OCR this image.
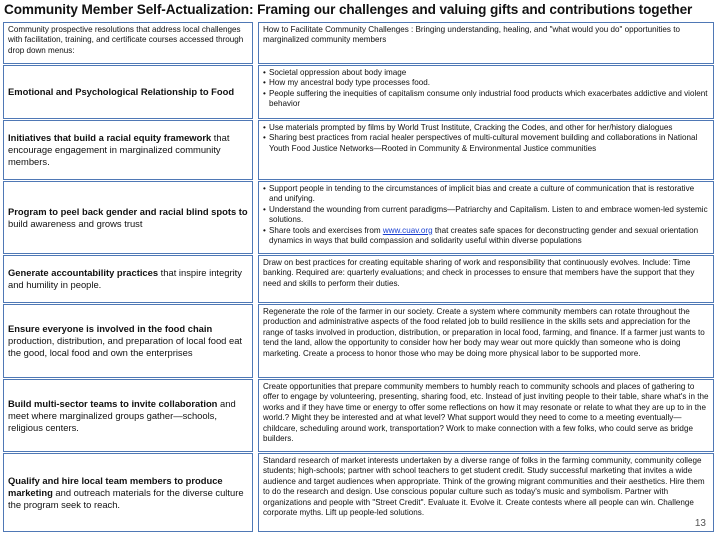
Community Member Self-Actualization: Framing our challenges and valuing gifts and contributions together
Community prospective resolutions that address local challenges with facilitation, training, and certificate courses accessed through drop down menus:
Emotional and Psychological Relationship to Food
Initiatives that build a racial equity framework that encourage engagement in marginalized community members.
Program to peel back gender and racial blind spots to build awareness and grows trust
Generate accountability practices that inspire integrity and humility in people.
Ensure everyone is involved in the food chain production, distribution, and preparation of local food eat the good, local food and own the enterprises
Build multi-sector teams to invite collaboration and meet where marginalized groups gather—schools, religious centers.
Qualify and hire local team members to produce marketing and outreach materials for the diverse culture the program seek to reach.
How to Facilitate Community Challenges : Bringing understanding, healing, and "what would you do" opportunities to marginalized community members
• Societal oppression about body image
• How my ancestral body type processes food.
• People suffering the inequities of capitalism consume only industrial food products which exacerbates addictive and violent behavior
• Use materials prompted by films by World Trust Institute, Cracking the Codes, and other for her/history dialogues
• Sharing best practices from racial healer perspectives of multi-cultural movement building and collaborations in National Youth Food Justice Networks—Rooted in Community & Environmental Justice communities
• Support people in tending to the circumstances of implicit bias and create a culture of communication that is restorative and unifying.
• Understand the wounding from current paradigms—Patriarchy and Capitalism. Listen to and embrace women-led systemic solutions.
• Share tools and exercises from www.cuav.org that creates safe spaces for deconstructing gender and sexual orientation dynamics in ways that build compassion and solidarity useful within diverse populations
Draw on best practices for creating equitable sharing of work and responsibility that continuously evolves. Include: Time banking. Required are: quarterly evaluations; and check in processes to ensure that members have the support that they need and skills to perform their duties.
Regenerate the role of the farmer in our society. Create a system where community members can rotate throughout the production and administrative aspects of the food related job to build resilience in the skills sets and appreciation for the range of tasks involved in production, distribution, or preparation in local food, farming, and finance. If a farmer just wants to tend the land, allow the opportunity to consider how her body may wear out more quickly than someone who is doing marketing. Create a process to honor those who may be doing more physical labor to be supported more.
Create opportunities that prepare community members to humbly reach to community schools and places of gathering to offer to engage by volunteering, presenting, sharing food, etc. Instead of just inviting people to their table, share what's in the works and if they have time or energy to offer some reflections on how it may resonate or relate to what they are up to in the world.? Might they be interested and at what level? What support would they need to come to a meeting eventually—childcare, scheduling around work, transportation? Work to make connection with a few folks, who could serve as bridge builders.
Standard research of market interests undertaken by a diverse range of folks in the farming community, community college students; high-schools; partner with school teachers to get student credit. Study successful marketing that invites a wide audience and target audiences when appropriate. Think of the growing migrant communities and their aesthetics. Hire them to do the research and design. Use conscious popular culture such as today's music and symbolism. Partner with organizations and people with "Street Credit". Evaluate it. Evolve it. Create contests where all people can win. Challenge corporate myths. Lift up people-led solutions.
13
